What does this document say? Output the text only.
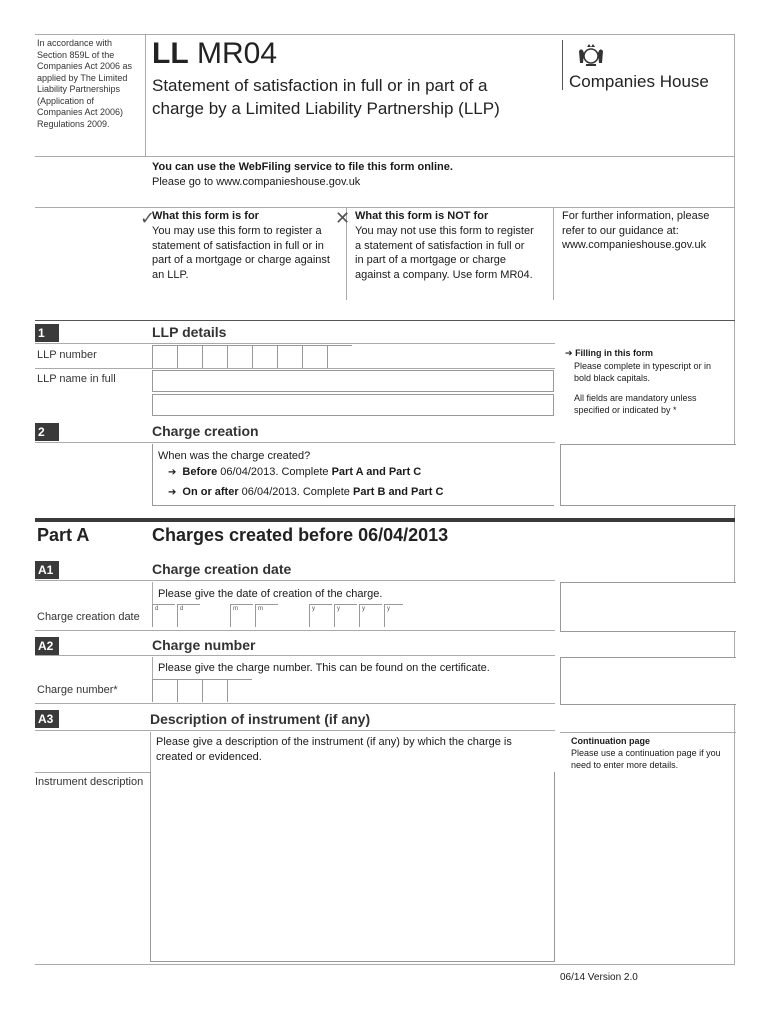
In accordance with Section 859L of the Companies Act 2006 as applied by The Limited Liability Partnerships (Application of Companies Act 2006) Regulations 2009.
LL MR04
Statement of satisfaction in full or in part of a charge by a Limited Liability Partnership (LLP)
Companies House
You can use the WebFiling service to file this form online.
Please go to www.companieshouse.gov.uk
✓
What this form is for
You may use this form to register a statement of satisfaction in full or in part of a mortgage or charge against an LLP.
✕ What this form is NOT for
You may not use this form to register a statement of satisfaction in full or in part of a mortgage or charge against a company. Use form MR04.
For further information, please refer to our guidance at: www.companieshouse.gov.uk
1	LLP details
LLP number
LLP name in full
➔ Filling in this form
Please complete in typescript or in bold black capitals.
All fields are mandatory unless specified or indicated by *
2	Charge creation
When was the charge created?
➔ Before 06/04/2013. Complete Part A and Part C
➔ On or after 06/04/2013. Complete Part B and Part C
Part A	Charges created before 06/04/2013
A1	Charge creation date
Please give the date of creation of the charge.
Charge creation date
d	d	m	m	y	y	y	y
A2	Charge number
Please give the charge number. This can be found on the certificate.
Charge number*
A3	Description of instrument (if any)
Please give a description of the instrument (if any) by which the charge is created or evidenced.
Instrument description
Continuation page
Please use a continuation page if you need to enter more details.
06/14 Version 2.0
